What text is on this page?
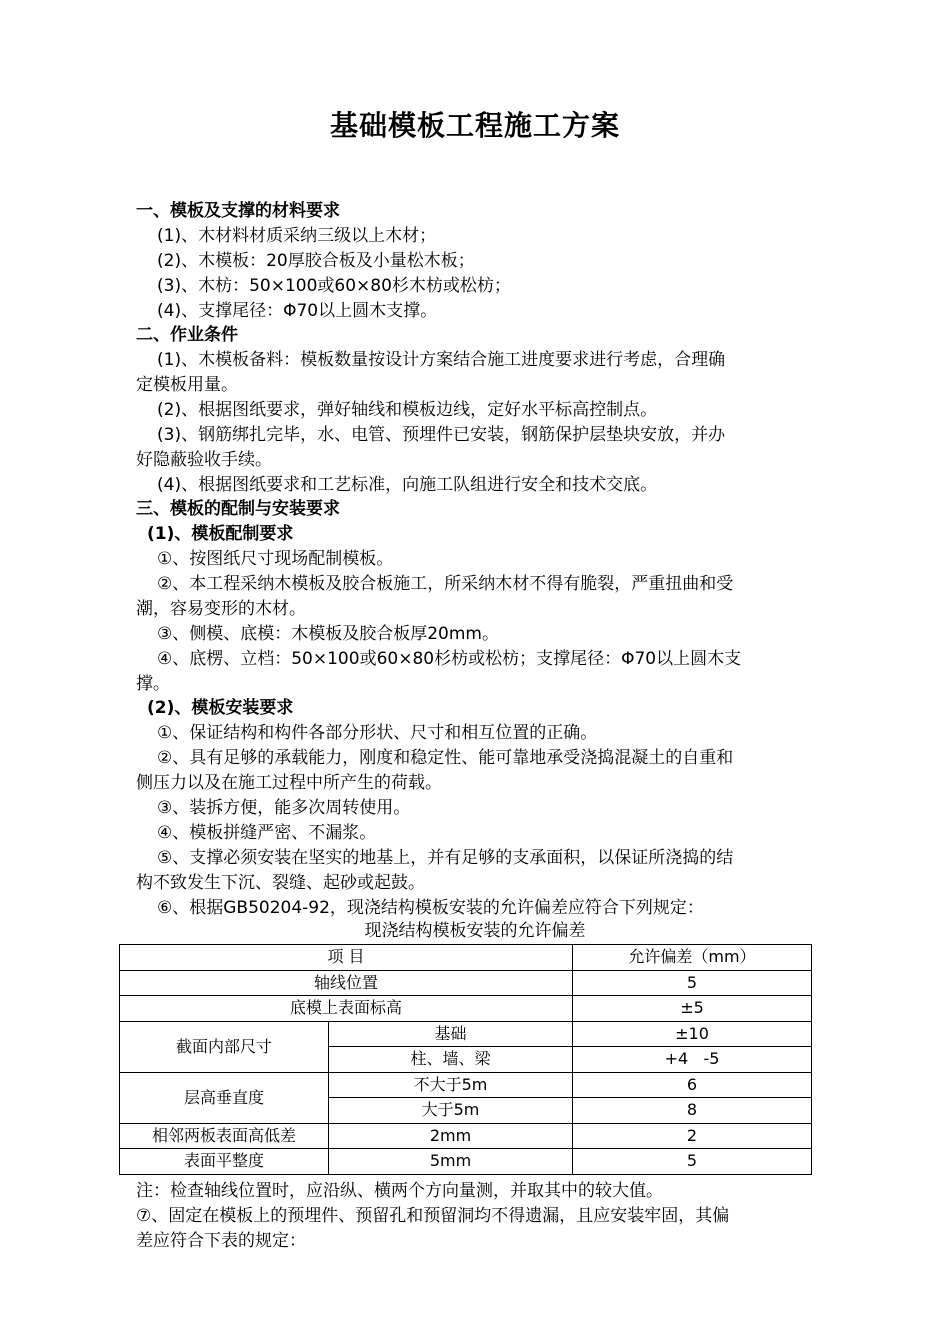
基础模板工程施工方案
一、模板及支撑的材料要求
(1)、木材料材质采纳三级以上木材；
(2)、木模板：20厚胶合板及小量松木板；
(3)、木枋：50×100或60×80杉木枋或松枋；
(4)、支撑尾径：Φ70以上圆木支撑。
二、作业条件
(1)、木模板备料：模板数量按设计方案结合施工进度要求进行考虑，合理确
定模板用量。
(2)、根据图纸要求，弹好轴线和模板边线，定好水平标高控制点。
(3)、钢筋绑扎完毕，水、电管、预埋件已安装，钢筋保护层垫块安放，并办
好隐蔽验收手续。
(4)、根据图纸要求和工艺标准，向施工队组进行安全和技术交底。
三、模板的配制与安装要求
(1)、模板配制要求
①、按图纸尺寸现场配制模板。
②、本工程采纳木模板及胶合板施工，所采纳木材不得有脆裂，严重扭曲和受
潮，容易变形的木材。
③、侧模、底模：木模板及胶合板厚20mm。
④、底楞、立档：50×100或60×80杉枋或松枋；支撑尾径：Φ70以上圆木支
撑。
(2)、模板安装要求
①、保证结构和构件各部分形状、尺寸和相互位置的正确。
②、具有足够的承载能力，刚度和稳定性、能可靠地承受浇捣混凝土的自重和
侧压力以及在施工过程中所产生的荷载。
③、装拆方便，能多次周转使用。
④、模板拼缝严密、不漏浆。
⑤、支撑必须安装在坚实的地基上，并有足够的支承面积，以保证所浇捣的结
构不致发生下沉、裂缝、起砂或起鼓。
⑥、根据GB50204-92，现浇结构模板安装的允许偏差应符合下列规定：
现浇结构模板安装的允许偏差
项 目		允许偏差（mm）
轴线位置		5
底模上表面标高		±5
截面内部尺寸	基础	±10
	柱、墙、梁	+4   -5
层高垂直度	不大于5m	6
	大于5m	8
相邻两板表面高低差	2mm	2
表面平整度	5mm	5
注：检查轴线位置时，应沿纵、横两个方向量测，并取其中的较大值。
⑦、固定在模板上的预埋件、预留孔和预留洞均不得遗漏，且应安装牢固，其偏
差应符合下表的规定：
